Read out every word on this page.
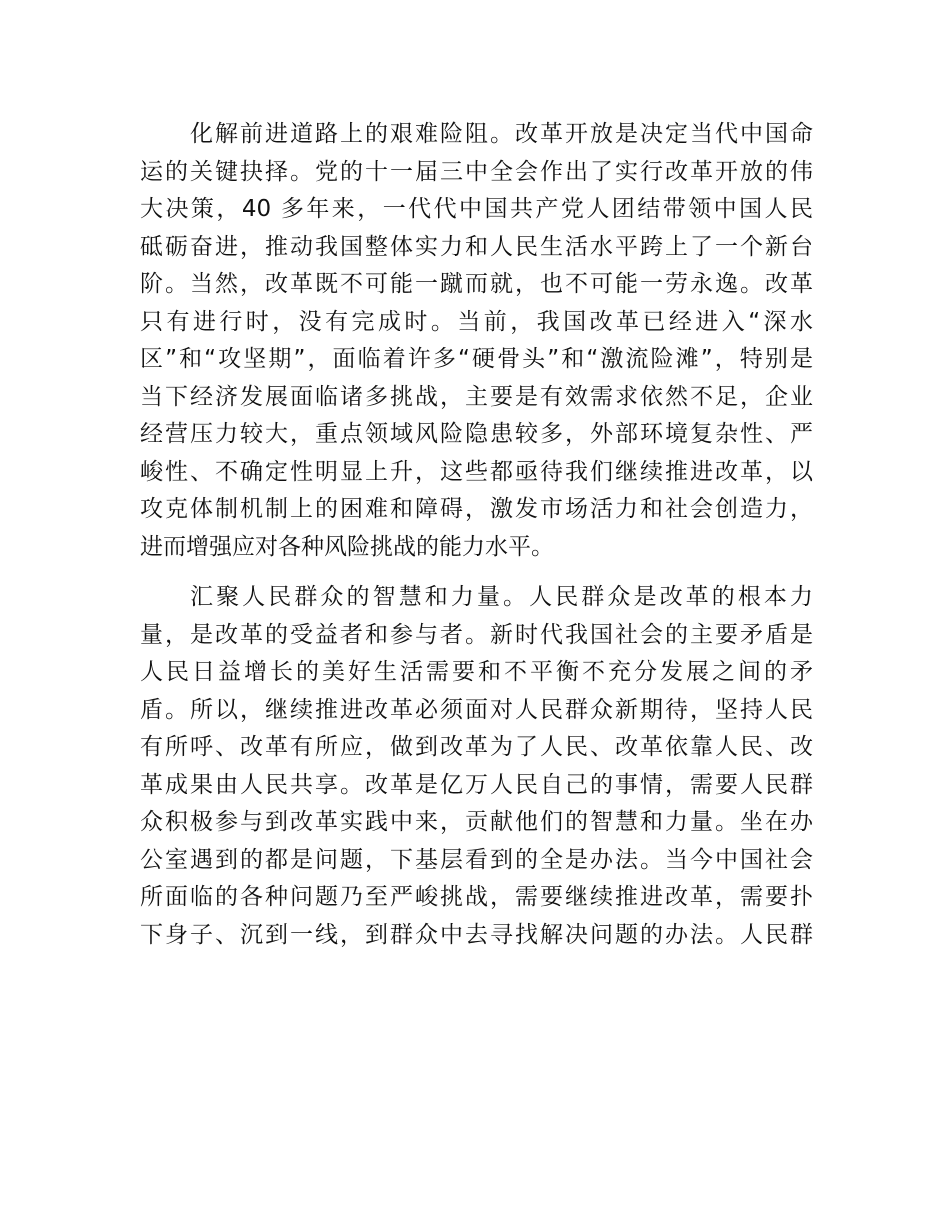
化解前进道路上的艰难险阻。改革开放是决定当代中国命
运的关键抉择。党的十一届三中全会作出了实行改革开放的伟
大决策，40 多年来，一代代中国共产党人团结带领中国人民
砥砺奋进，推动我国整体实力和人民生活水平跨上了一个新台
阶。当然，改革既不可能一蹴而就，也不可能一劳永逸。改革
只有进行时，没有完成时。当前，我国改革已经进入“深水
区”和“攻坚期”，面临着许多“硬骨头”和“激流险滩”，特别是
当下经济发展面临诸多挑战，主要是有效需求依然不足，企业
经营压力较大，重点领域风险隐患较多，外部环境复杂性、严
峻性、不确定性明显上升，这些都亟待我们继续推进改革，以
攻克体制机制上的困难和障碍，激发市场活力和社会创造力，
进而增强应对各种风险挑战的能力水平。
汇聚人民群众的智慧和力量。人民群众是改革的根本力
量，是改革的受益者和参与者。新时代我国社会的主要矛盾是
人民日益增长的美好生活需要和不平衡不充分发展之间的矛
盾。所以，继续推进改革必须面对人民群众新期待，坚持人民
有所呼、改革有所应，做到改革为了人民、改革依靠人民、改
革成果由人民共享。改革是亿万人民自己的事情，需要人民群
众积极参与到改革实践中来，贡献他们的智慧和力量。坐在办
公室遇到的都是问题，下基层看到的全是办法。当今中国社会
所面临的各种问题乃至严峻挑战，需要继续推进改革，需要扑
下身子、沉到一线，到群众中去寻找解决问题的办法。人民群
